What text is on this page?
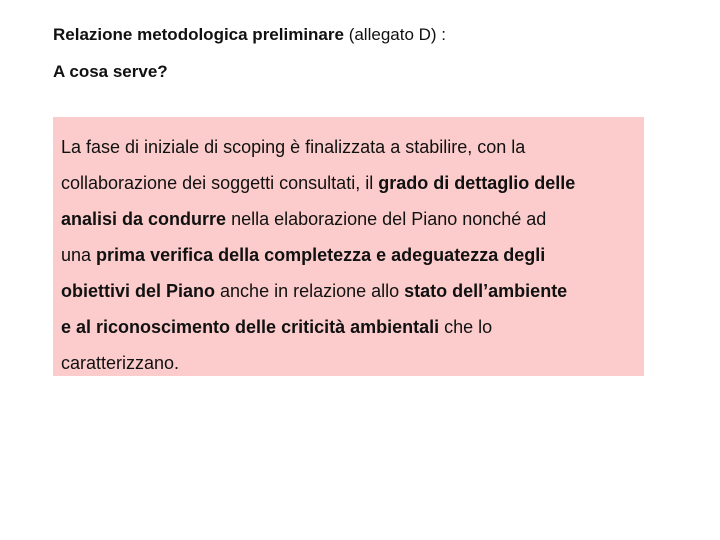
Relazione metodologica preliminare (allegato D) :
A cosa serve?
La fase di iniziale di scoping è finalizzata a stabilire, con la
collaborazione dei soggetti consultati, il grado di dettaglio delle
analisi da condurre nella elaborazione del Piano nonché ad
una prima verifica della completezza e adeguatezza degli
obiettivi del Piano anche in relazione allo stato dell’ambiente
e al riconoscimento delle criticità ambientali che lo
caratterizzano.
